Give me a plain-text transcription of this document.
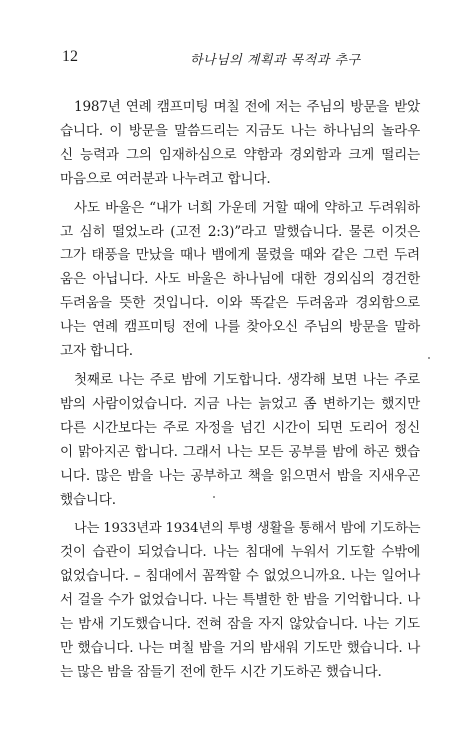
12	하나님의 계획과 목적과 추구
1987년 연례 캠프미팅 며칠 전에 저는 주님의 방문을 받았
습니다. 이 방문을 말씀드리는 지금도 나는 하나님의 놀라우
신 능력과 그의 임재하심으로 약함과 경외함과 크게 떨리는
마음으로 여러분과 나누려고 합니다.
사도 바울은 “내가 너희 가운데 거할 때에 약하고 두려워하
고 심히 떨었노라 (고전 2:3)”라고 말했습니다. 물론 이것은
그가 태풍을 만났을 때나 뱀에게 물렸을 때와 같은 그런 두려
움은 아닙니다. 사도 바울은 하나님에 대한 경외심의 경건한
두려움을 뜻한 것입니다. 이와 똑같은 두려움과 경외함으로
나는 연례 캠프미팅 전에 나를 찾아오신 주님의 방문을 말하
고자 합니다.
첫째로 나는 주로 밤에 기도합니다. 생각해 보면 나는 주로
밤의 사람이었습니다. 지금 나는 늙었고 좀 변하기는 했지만
다른 시간보다는 주로 자정을 넘긴 시간이 되면 도리어 정신
이 맑아지곤 합니다. 그래서 나는 모든 공부를 밤에 하곤 했습
니다. 많은 밤을 나는 공부하고 책을 읽으면서 밤을 지새우곤
했습니다.
나는 1933년과 1934년의 투병 생활을 통해서 밤에 기도하는
것이 습관이 되었습니다. 나는 침대에 누워서 기도할 수밖에
없었습니다. – 침대에서 꼼짝할 수 없었으니까요. 나는 일어나
서 걸을 수가 없었습니다. 나는 특별한 한 밤을 기억합니다. 나
는 밤새 기도했습니다. 전혀 잠을 자지 않았습니다. 나는 기도
만 했습니다. 나는 며칠 밤을 거의 밤새워 기도만 했습니다. 나
는 많은 밤을 잠들기 전에 한두 시간 기도하곤 했습니다.
